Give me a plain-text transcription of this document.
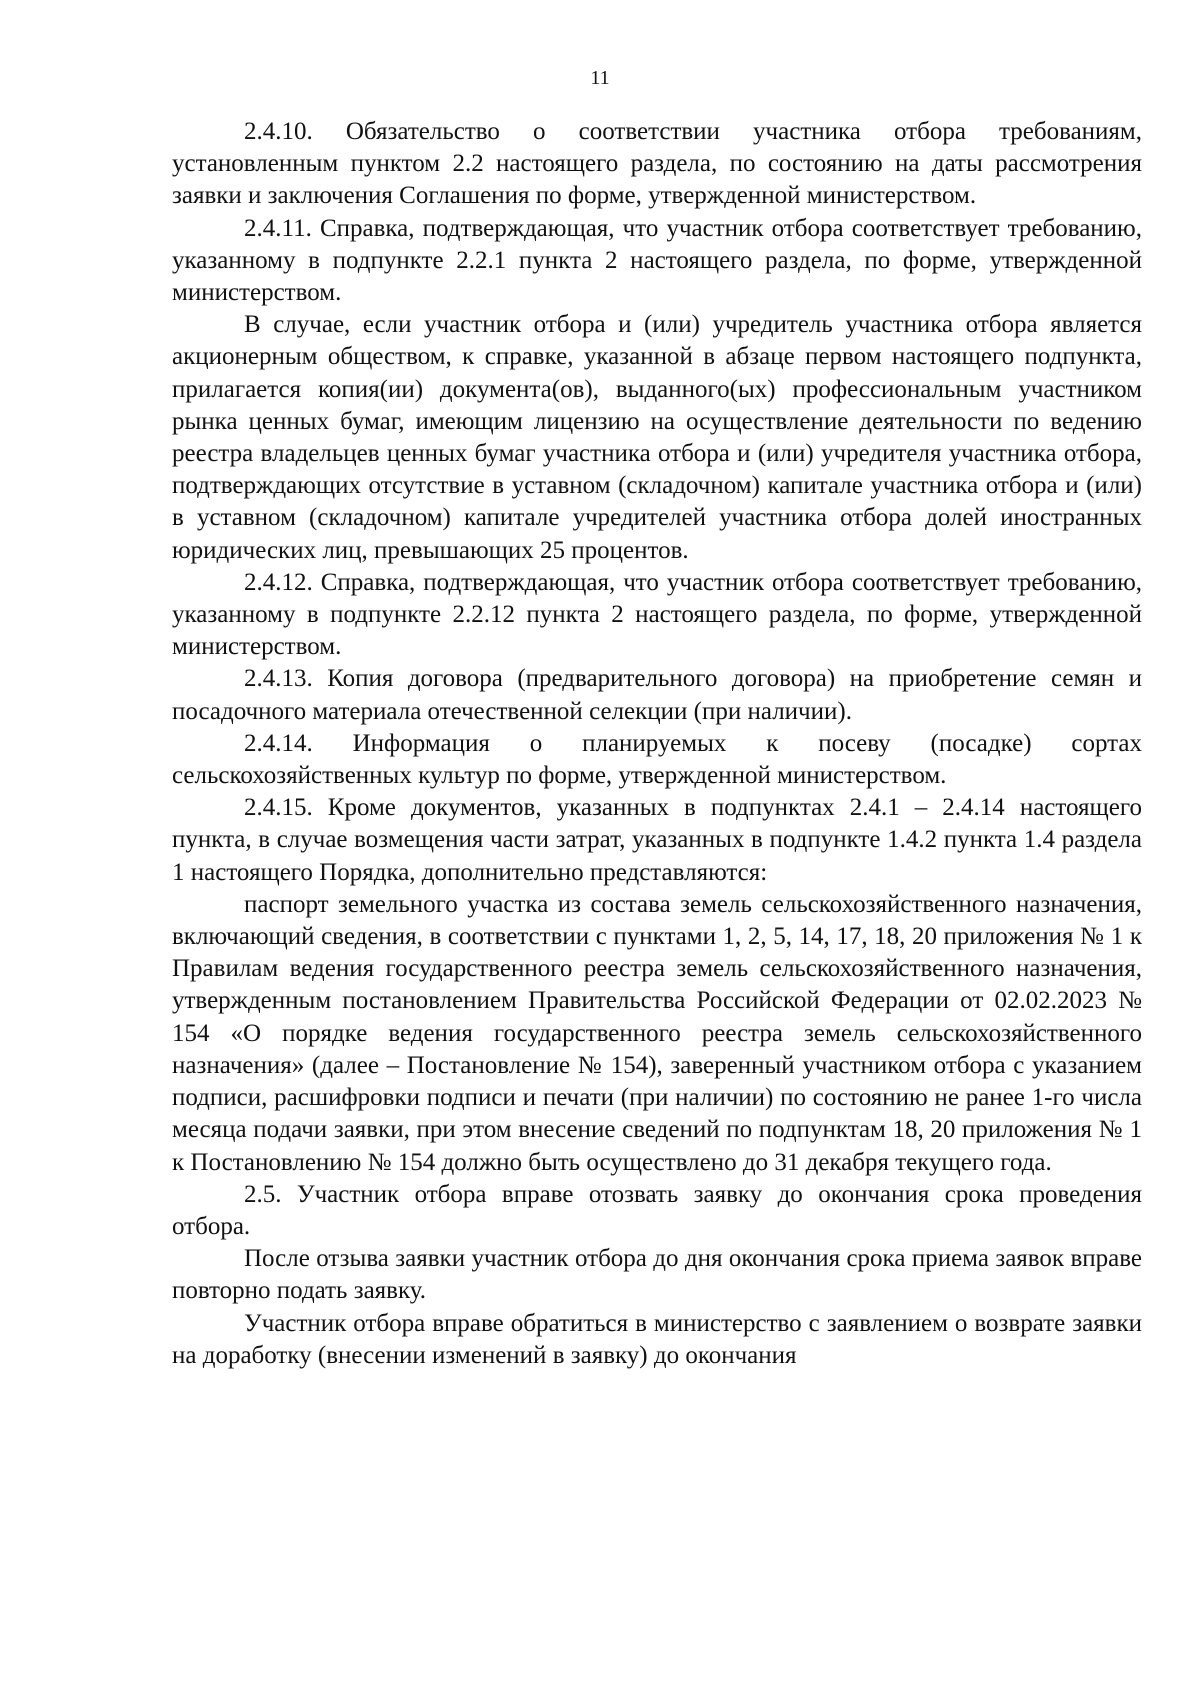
11

2.4.10. Обязательство о соответствии участника отбора требованиям, установленным пунктом 2.2 настоящего раздела, по состоянию на даты рассмотрения заявки и заключения Соглашения по форме, утвержденной министерством.

2.4.11. Справка, подтверждающая, что участник отбора соответствует требованию, указанному в подпункте 2.2.1 пункта 2 настоящего раздела, по форме, утвержденной министерством.

В случае, если участник отбора и (или) учредитель участника отбора является акционерным обществом, к справке, указанной в абзаце первом настоящего подпункта, прилагается копия(ии) документа(ов), выданного(ых) профессиональным участником рынка ценных бумаг, имеющим лицензию на осуществление деятельности по ведению реестра владельцев ценных бумаг участника отбора и (или) учредителя участника отбора, подтверждающих отсутствие в уставном (складочном) капитале участника отбора и (или) в уставном (складочном) капитале учредителей участника отбора долей иностранных юридических лиц, превышающих 25 процентов.

2.4.12. Справка, подтверждающая, что участник отбора соответствует требованию, указанному в подпункте 2.2.12 пункта 2 настоящего раздела, по форме, утвержденной министерством.

2.4.13. Копия договора (предварительного договора) на приобретение семян и посадочного материала отечественной селекции (при наличии).

2.4.14. Информация о планируемых к посеву (посадке) сортах сельскохозяйственных культур по форме, утвержденной министерством.

2.4.15. Кроме документов, указанных в подпунктах 2.4.1 – 2.4.14 настоящего пункта, в случае возмещения части затрат, указанных в подпункте 1.4.2 пункта 1.4 раздела 1 настоящего Порядка, дополнительно представляются:

паспорт земельного участка из состава земель сельскохозяйственного назначения, включающий сведения, в соответствии с пунктами 1, 2, 5, 14, 17, 18, 20 приложения № 1 к Правилам ведения государственного реестра земель сельскохозяйственного назначения, утвержденным постановлением Правительства Российской Федерации от 02.02.2023 № 154 «О порядке ведения государственного реестра земель сельскохозяйственного назначения» (далее – Постановление № 154), заверенный участником отбора с указанием подписи, расшифровки подписи и печати (при наличии) по состоянию не ранее 1-го числа месяца подачи заявки, при этом внесение сведений по подпунктам 18, 20 приложения № 1 к Постановлению № 154 должно быть осуществлено до 31 декабря текущего года.

2.5. Участник отбора вправе отозвать заявку до окончания срока проведения отбора.

После отзыва заявки участник отбора до дня окончания срока приема заявок вправе повторно подать заявку.

Участник отбора вправе обратиться в министерство с заявлением о возврате заявки на доработку (внесении изменений в заявку) до окончания
